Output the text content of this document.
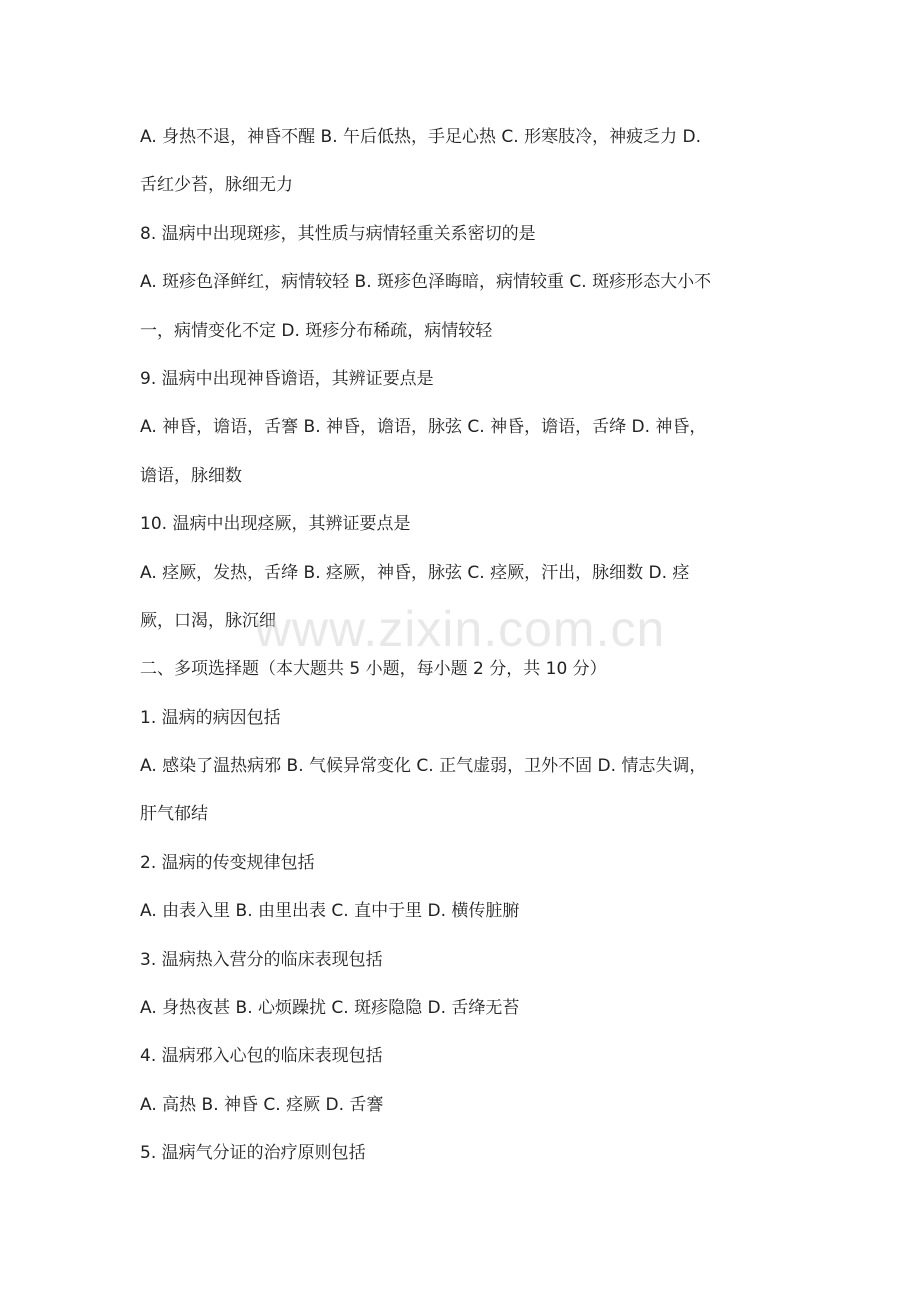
A. 身热不退，神昏不醒 B. 午后低热，手足心热 C. 形寒肢冷，神疲乏力 D.
舌红少苔，脉细无力
8. 温病中出现斑疹，其性质与病情轻重关系密切的是
A. 斑疹色泽鲜红，病情较轻 B. 斑疹色泽晦暗，病情较重 C. 斑疹形态大小不
一，病情变化不定 D. 斑疹分布稀疏，病情较轻
9. 温病中出现神昏谵语，其辨证要点是
A. 神昏，谵语，舌謇 B. 神昏，谵语，脉弦 C. 神昏，谵语，舌绛 D. 神昏，
谵语，脉细数
10. 温病中出现痉厥，其辨证要点是
A. 痉厥，发热，舌绛 B. 痉厥，神昏，脉弦 C. 痉厥，汗出，脉细数 D. 痉
厥，口渴，脉沉细
二、多项选择题（本大题共 5 小题，每小题 2 分，共 10 分）
1. 温病的病因包括
A. 感染了温热病邪 B. 气候异常变化 C. 正气虚弱，卫外不固 D. 情志失调，
肝气郁结
2. 温病的传变规律包括
A. 由表入里 B. 由里出表 C. 直中于里 D. 横传脏腑
3. 温病热入营分的临床表现包括
A. 身热夜甚 B. 心烦躁扰 C. 斑疹隐隐 D. 舌绛无苔
4. 温病邪入心包的临床表现包括
A. 高热 B. 神昏 C. 痉厥 D. 舌謇
5. 温病气分证的治疗原则包括
www.zixin.com.cn
